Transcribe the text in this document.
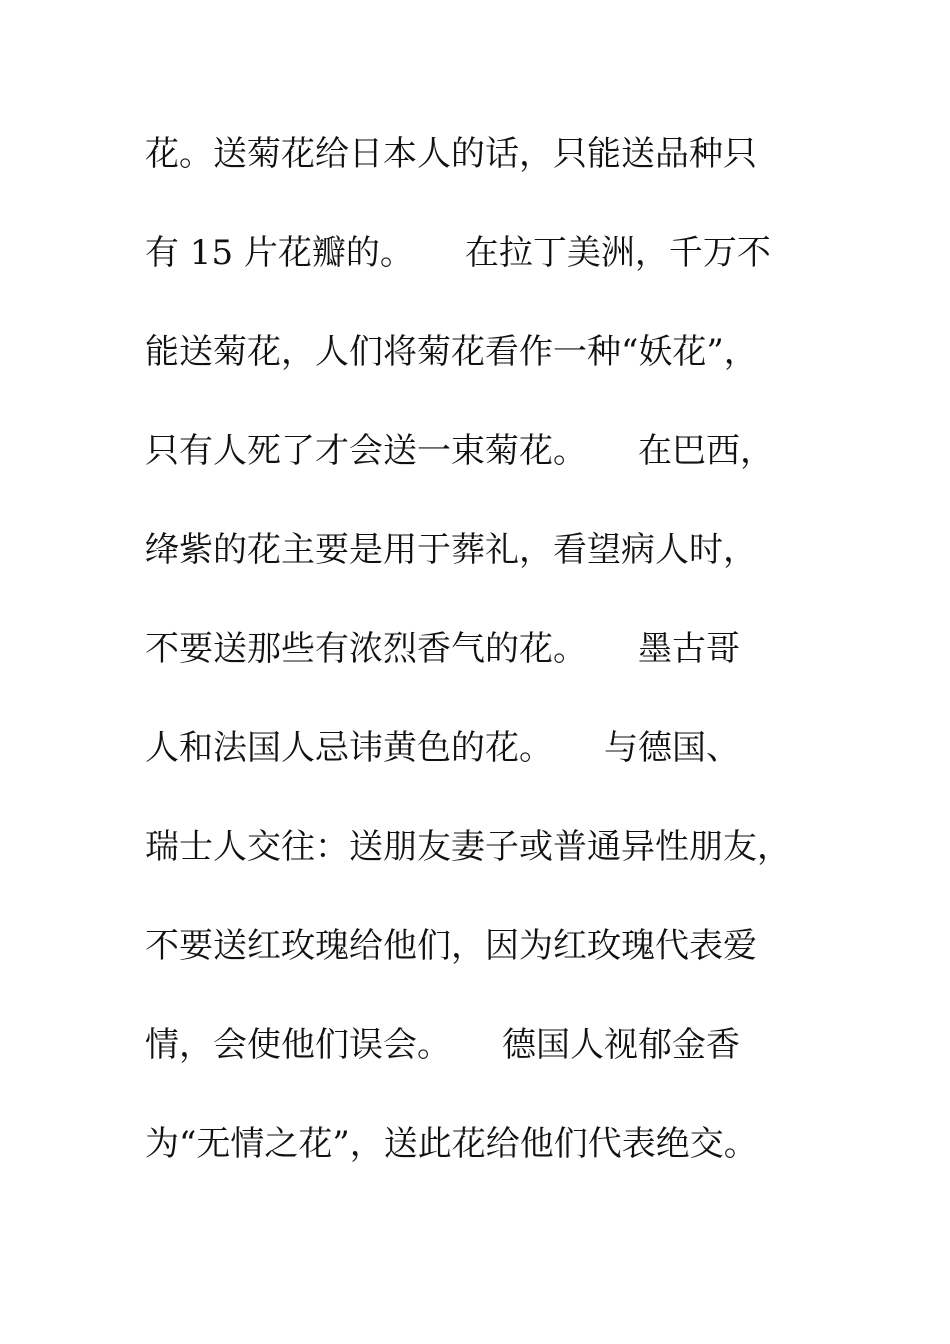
花。送菊花给日本人的话，只能送品种只
有 15 片花瓣的。　　在拉丁美洲，千万不
能送菊花，人们将菊花看作一种“妖花”，
只有人死了才会送一束菊花。　　在巴西，
绛紫的花主要是用于葬礼，看望病人时，
不要送那些有浓烈香气的花。　　墨古哥
人和法国人忌讳黄色的花。　　与德国、
瑞士人交往：送朋友妻子或普通异性朋友，
不要送红玫瑰给他们，因为红玫瑰代表爱
情，会使他们误会。　　德国人视郁金香
为“无情之花”，送此花给他们代表绝交。
